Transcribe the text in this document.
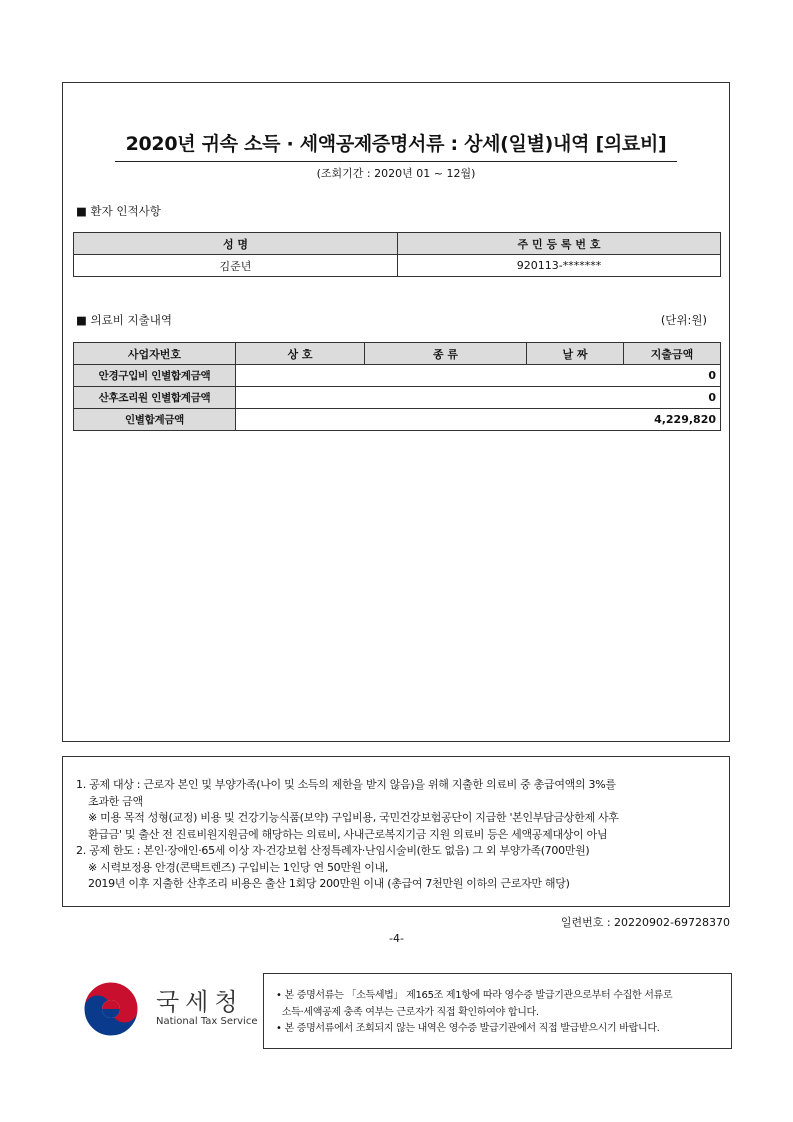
2020년 귀속 소득 · 세액공제증명서류 : 상세(일별)내역 [의료비]
(조회기간 : 2020년 01 ~ 12월)
■ 환자 인적사항
성 명	주 민 등 록 번 호
김준년	920113-*******
■ 의료비 지출내역	(단위:원)
사업자번호	상 호	종 류	날 짜	지출금액
안경구입비 인별합계금액	0			
산후조리원 인별합계금액	0			
인별합계금액	4,229,820			
1. 공제 대상 : 근로자 본인 및 부양가족(나이 및 소득의 제한을 받지 않음)을 위해 지출한 의료비 중 총급여액의 3%를
초과한 금액
※ 미용 목적 성형(교정) 비용 및 건강기능식품(보약) 구입비용, 국민건강보험공단이 지급한 '본인부담금상한제 사후
환급금' 및 출산 전 진료비원지원금에 해당하는 의료비, 사내근로복지기금 지원 의료비 등은 세액공제대상이 아님
2. 공제 한도 : 본인·장애인·65세 이상 자·건강보험 산정특례자·난임시술비(한도 없음) 그 외 부양가족(700만원)
※ 시력보정용 안경(콘택트렌즈) 구입비는 1인당 연 50만원 이내,
2019년 이후 지출한 산후조리 비용은 출산 1회당 200만원 이내 (총급여 7천만원 이하의 근로자만 해당)
일련번호 : 20220902-69728370
-4-
국세청
National Tax Service
• 본 증명서류는 「소득세법」 제165조 제1항에 따라 영수증 발급기관으로부터 수집한 서류로
소득·세액공제 충족 여부는 근로자가 직접 확인하여야 합니다.
• 본 증명서류에서 조회되지 않는 내역은 영수증 발급기관에서 직접 발급받으시기 바랍니다.
